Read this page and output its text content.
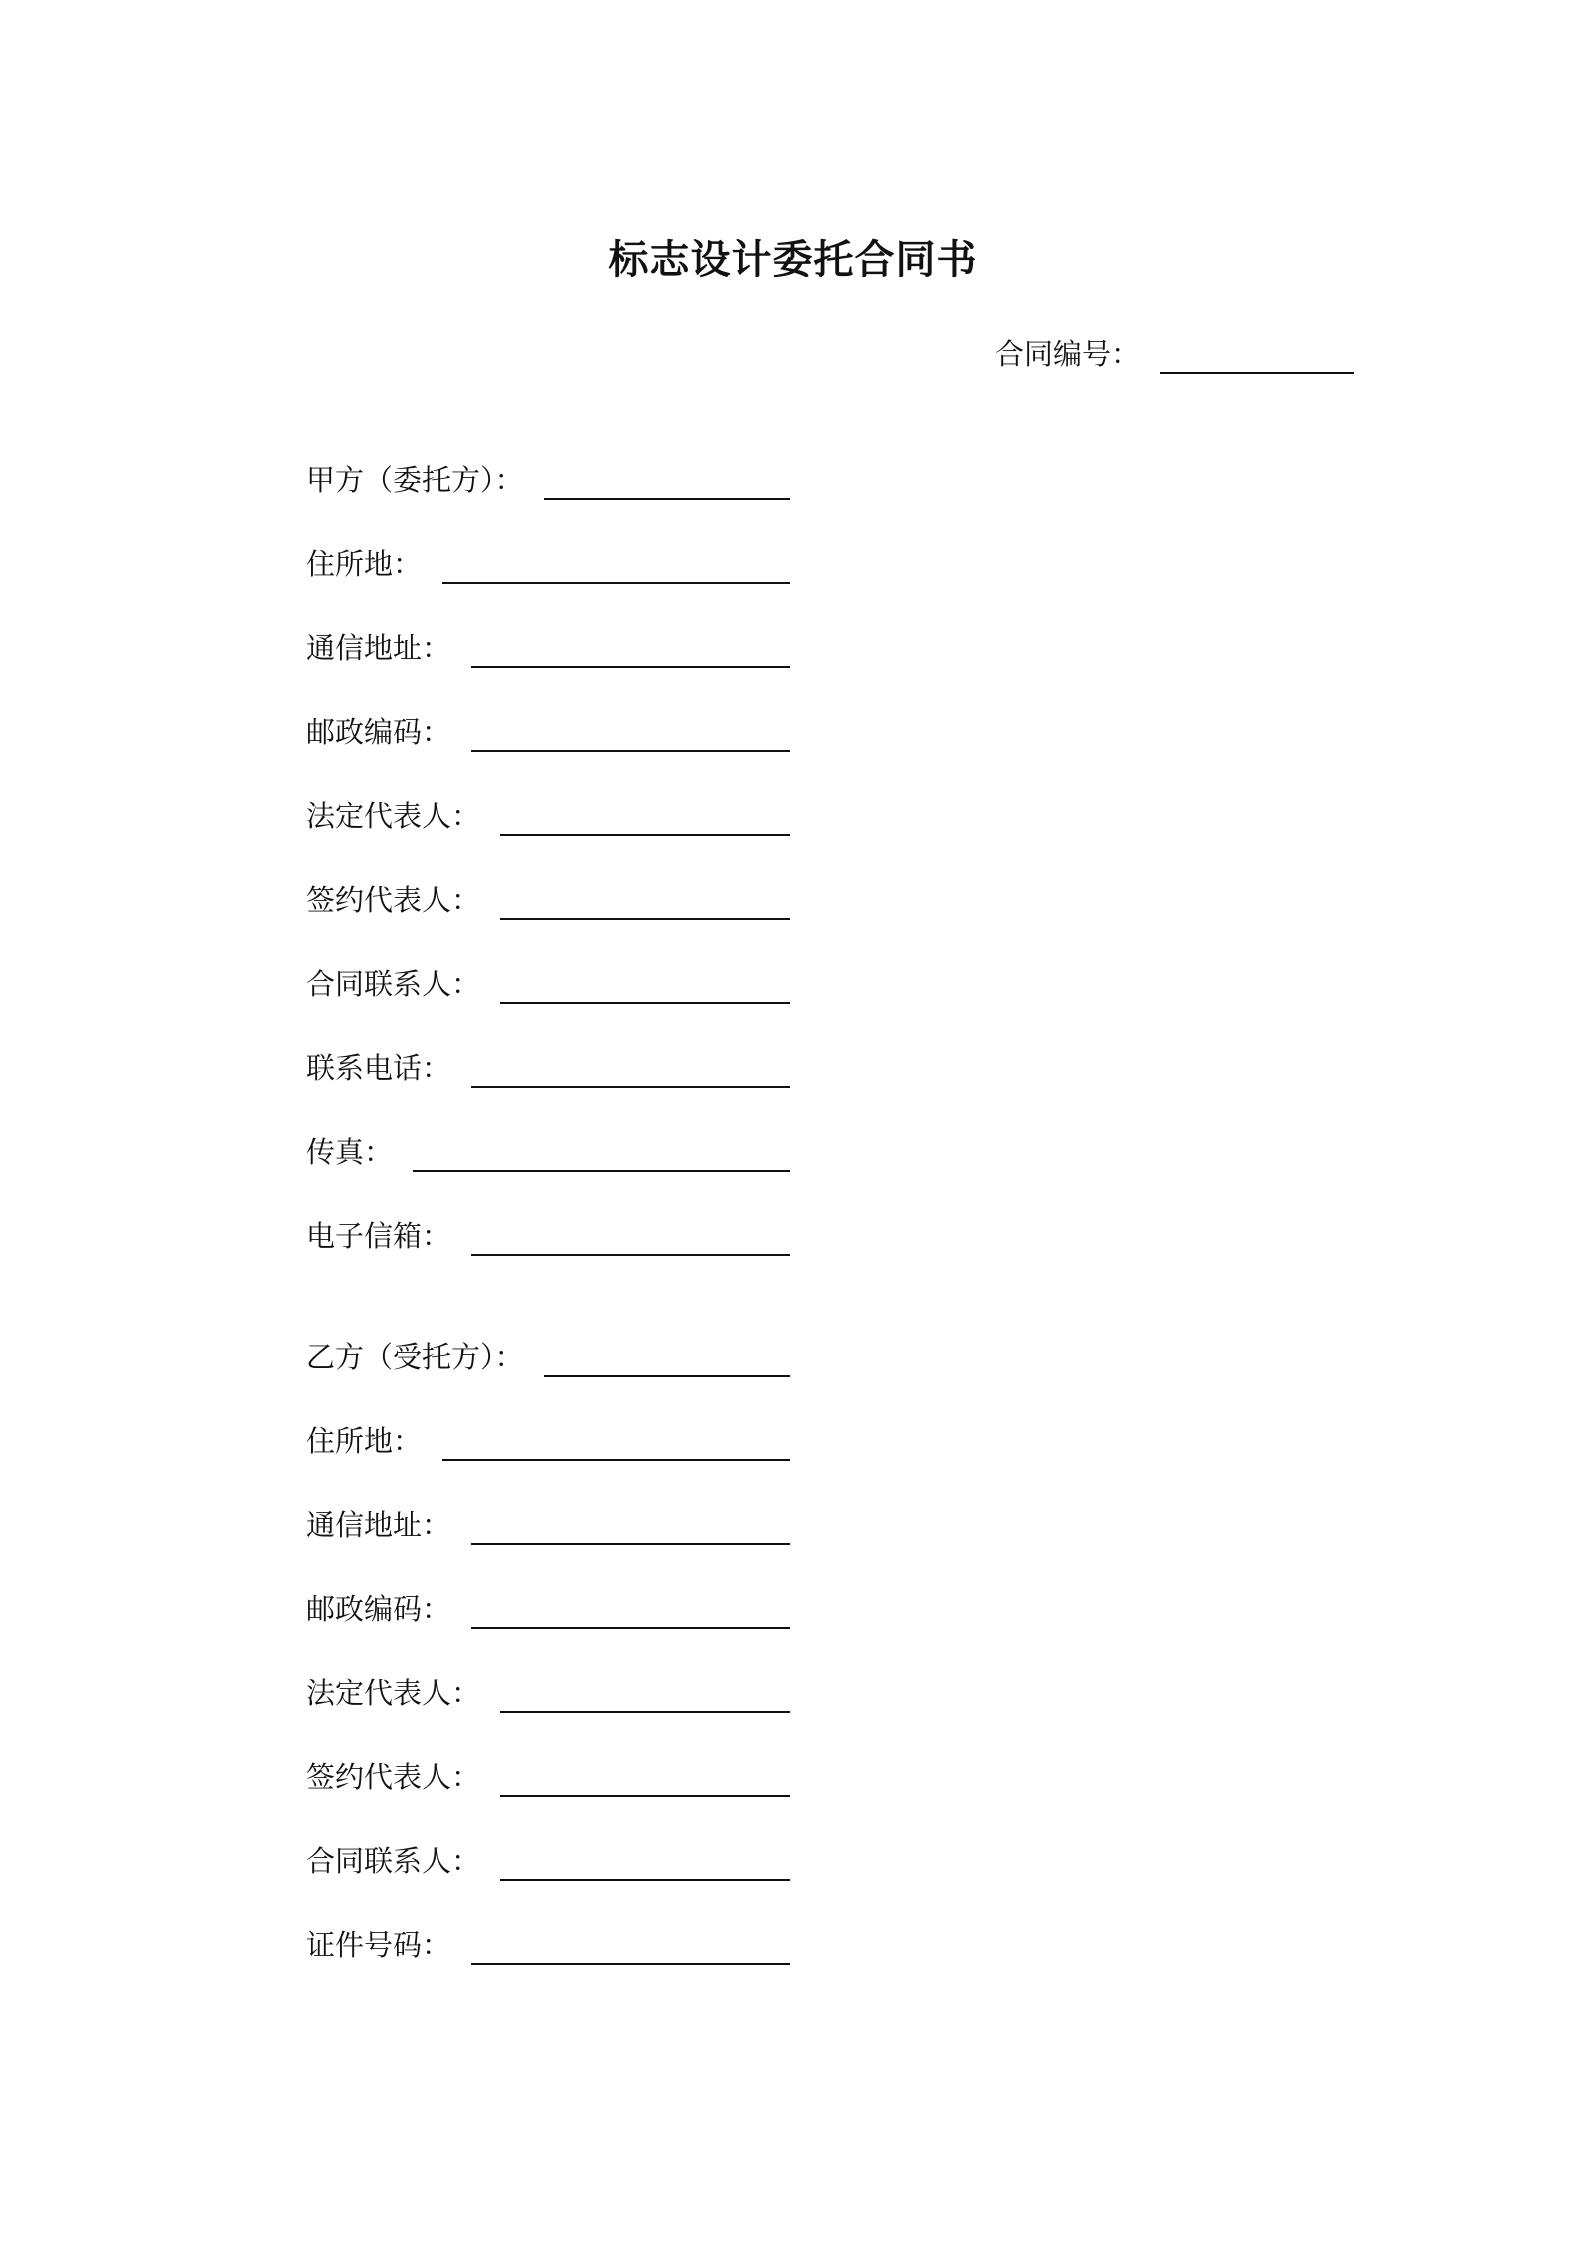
标志设计委托合同书
合同编号：
甲方（委托方）：
住所地：
通信地址：
邮政编码：
法定代表人：
签约代表人：
合同联系人：
联系电话：
传真：
电子信箱：
乙方（受托方）：
住所地：
通信地址：
邮政编码：
法定代表人：
签约代表人：
合同联系人：
证件号码：
